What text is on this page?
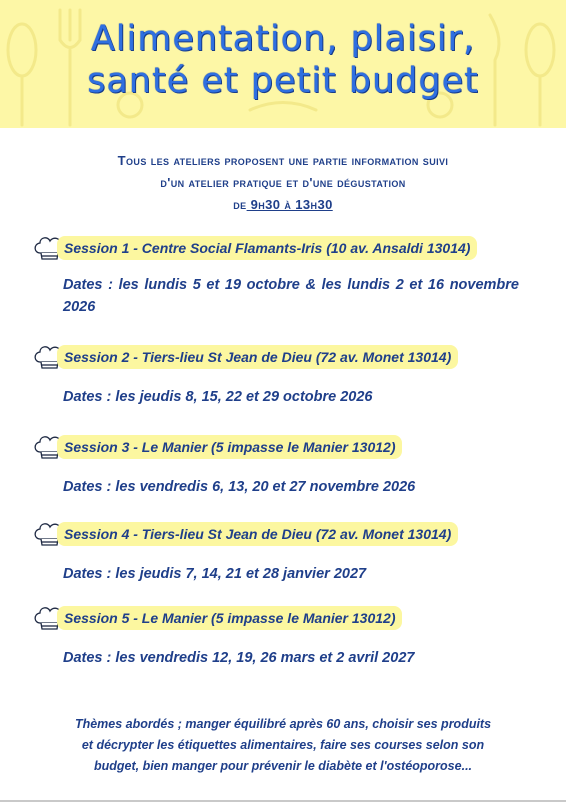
Alimentation, plaisir,
santé et petit budget
Tous les ateliers proposent une partie information suivi
d'un atelier pratique et d'une dégustation
de 9h30 à 13h30
Session 1 - Centre Social Flamants-Iris (10 av. Ansaldi 13014)
Dates : les lundis 5 et 19 octobre & les lundis 2 et 16 novembre 2026
Session 2 - Tiers-lieu St Jean de Dieu (72 av. Monet 13014)
Dates : les jeudis 8, 15, 22 et 29 octobre 2026
Session 3 - Le Manier (5 impasse le Manier 13012)
Dates : les vendredis 6, 13, 20 et 27 novembre 2026
Session 4 - Tiers-lieu St Jean de Dieu (72 av. Monet 13014)
Dates : les jeudis 7, 14, 21 et 28 janvier 2027
Session 5 - Le Manier (5 impasse le Manier 13012)
Dates : les vendredis 12, 19, 26 mars et 2 avril 2027
Thèmes abordés ; manger équilibré après 60 ans, choisir ses produits
et décrypter les étiquettes alimentaires, faire ses courses selon son
budget, bien manger pour prévenir le diabète et l'ostéoporose...
